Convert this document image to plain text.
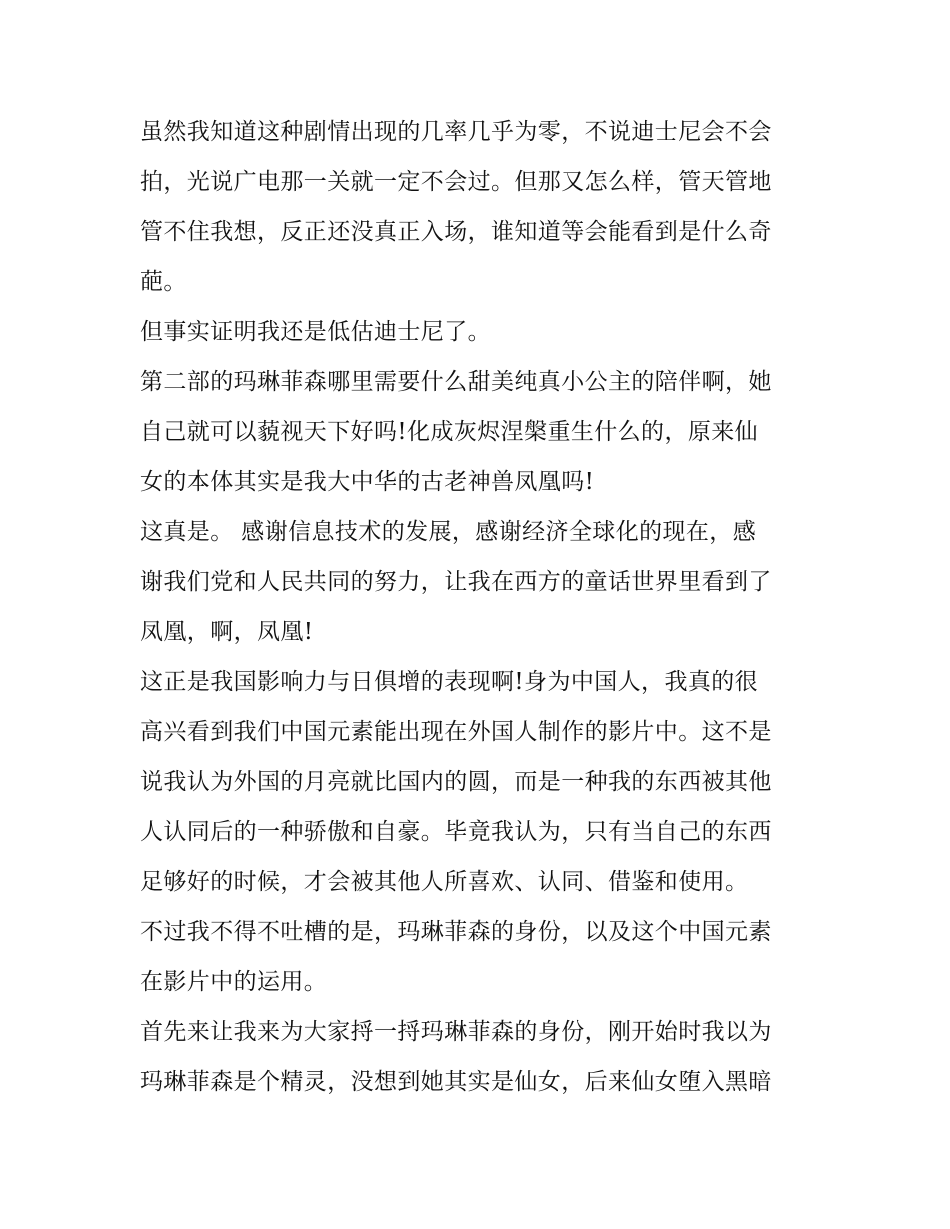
虽然我知道这种剧情出现的几率几乎为零，不说迪士尼会不会
拍，光说广电那一关就一定不会过。但那又怎么样，管天管地
管不住我想，反正还没真正入场，谁知道等会能看到是什么奇
葩。

但事实证明我还是低估迪士尼了。

第二部的玛琳菲森哪里需要什么甜美纯真小公主的陪伴啊，她
自己就可以藐视天下好吗!化成灰烬涅槃重生什么的，原来仙
女的本体其实是我大中华的古老神兽凤凰吗!

这真是。 感谢信息技术的发展，感谢经济全球化的现在，感
谢我们党和人民共同的努力，让我在西方的童话世界里看到了
凤凰，啊，凤凰!

这正是我国影响力与日俱增的表现啊!身为中国人，我真的很
高兴看到我们中国元素能出现在外国人制作的影片中。这不是
说我认为外国的月亮就比国内的圆，而是一种我的东西被其他
人认同后的一种骄傲和自豪。毕竟我认为，只有当自己的东西
足够好的时候，才会被其他人所喜欢、认同、借鉴和使用。

不过我不得不吐槽的是，玛琳菲森的身份，以及这个中国元素
在影片中的运用。

首先来让我来为大家捋一捋玛琳菲森的身份，刚开始时我以为
玛琳菲森是个精灵，没想到她其实是仙女，后来仙女堕入黑暗
